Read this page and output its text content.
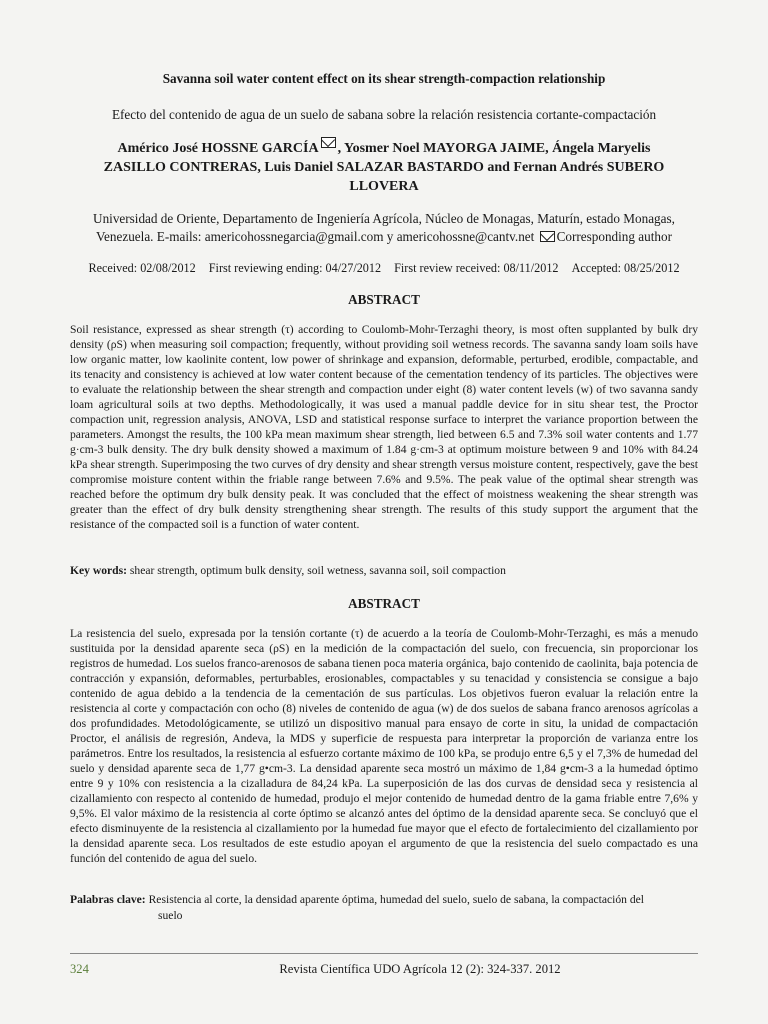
Savanna soil water content effect on its shear strength-compaction relationship
Efecto del contenido de agua de un suelo de sabana sobre la relación resistencia cortante-compactación
Américo José HOSSNE GARCÍA , Yosmer Noel MAYORGA JAIME, Ángela Maryelis
ZASILLO CONTRERAS, Luis Daniel SALAZAR BASTARDO and Fernan Andrés SUBERO
LLOVERA
Universidad de Oriente, Departamento de Ingeniería Agrícola, Núcleo de Monagas, Maturín, estado Monagas,
Venezuela. E-mails: americohossnegarcia@gmail.com y americohossne@cantv.net Corresponding author
Received: 02/08/2012 First reviewing ending: 04/27/2012 First review received: 08/11/2012 Accepted: 08/25/2012
ABSTRACT
Soil resistance, expressed as shear strength (τ) according to Coulomb-Mohr-Terzaghi theory, is most often supplanted by bulk dry density (ρS) when measuring soil compaction; frequently, without providing soil wetness records. The savanna sandy loam soils have low organic matter, low kaolinite content, low power of shrinkage and expansion, deformable, perturbed, erodible, compactable, and its tenacity and consistency is achieved at low water content because of the cementation tendency of its particles. The objectives were to evaluate the relationship between the shear strength and compaction under eight (8) water content levels (w) of two savanna sandy loam agricultural soils at two depths. Methodologically, it was used a manual paddle device for in situ shear test, the Proctor compaction unit, regression analysis, ANOVA, LSD and statistical response surface to interpret the variance proportion between the parameters. Amongst the results, the 100 kPa mean maximum shear strength, lied between 6.5 and 7.3% soil water contents and 1.77 g·cm-3 bulk density. The dry bulk density showed a maximum of 1.84 g·cm-3 at optimum moisture between 9 and 10% with 84.24 kPa shear strength. Superimposing the two curves of dry density and shear strength versus moisture content, respectively, gave the best compromise moisture content within the friable range between 7.6% and 9.5%. The peak value of the optimal shear strength was reached before the optimum dry bulk density peak. It was concluded that the effect of moistness weakening the shear strength was greater than the effect of dry bulk density strengthening shear strength. The results of this study support the argument that the resistance of the compacted soil is a function of water content.
Key words: shear strength, optimum bulk density, soil wetness, savanna soil, soil compaction
ABSTRACT
La resistencia del suelo, expresada por la tensión cortante (τ) de acuerdo a la teoría de Coulomb-Mohr-Terzaghi, es más a menudo sustituida por la densidad aparente seca (ρS) en la medición de la compactación del suelo, con frecuencia, sin proporcionar los registros de humedad. Los suelos franco-arenosos de sabana tienen poca materia orgánica, bajo contenido de caolinita, baja potencia de contracción y expansión, deformables, perturbables, erosionables, compactables y su tenacidad y consistencia se consigue a bajo contenido de agua debido a la tendencia de la cementación de sus partículas. Los objetivos fueron evaluar la relación entre la resistencia al corte y compactación con ocho (8) niveles de contenido de agua (w) de dos suelos de sabana franco arenosos agrícolas a dos profundidades. Metodológicamente, se utilizó un dispositivo manual para ensayo de corte in situ, la unidad de compactación Proctor, el análisis de regresión, Andeva, la MDS y superficie de respuesta para interpretar la proporción de varianza entre los parámetros. Entre los resultados, la resistencia al esfuerzo cortante máximo de 100 kPa, se produjo entre 6,5 y el 7,3% de humedad del suelo y densidad aparente seca de 1,77 g•cm-3. La densidad aparente seca mostró un máximo de 1,84 g•cm-3 a la humedad óptimo entre 9 y 10% con resistencia a la cizalladura de 84,24 kPa. La superposición de las dos curvas de densidad seca y resistencia al cizallamiento con respecto al contenido de humedad, produjo el mejor contenido de humedad dentro de la gama friable entre 7,6% y 9,5%. El valor máximo de la resistencia al corte óptimo se alcanzó antes del óptimo de la densidad aparente seca. Se concluyó que el efecto disminuyente de la resistencia al cizallamiento por la humedad fue mayor que el efecto de fortalecimiento del cizallamiento por la densidad aparente seca. Los resultados de este estudio apoyan el argumento de que la resistencia del suelo compactado es una función del contenido de agua del suelo.
Palabras clave: Resistencia al corte, la densidad aparente óptima, humedad del suelo, suelo de sabana, la compactación del
suelo
324	Revista Científica UDO Agrícola 12 (2): 324-337. 2012
